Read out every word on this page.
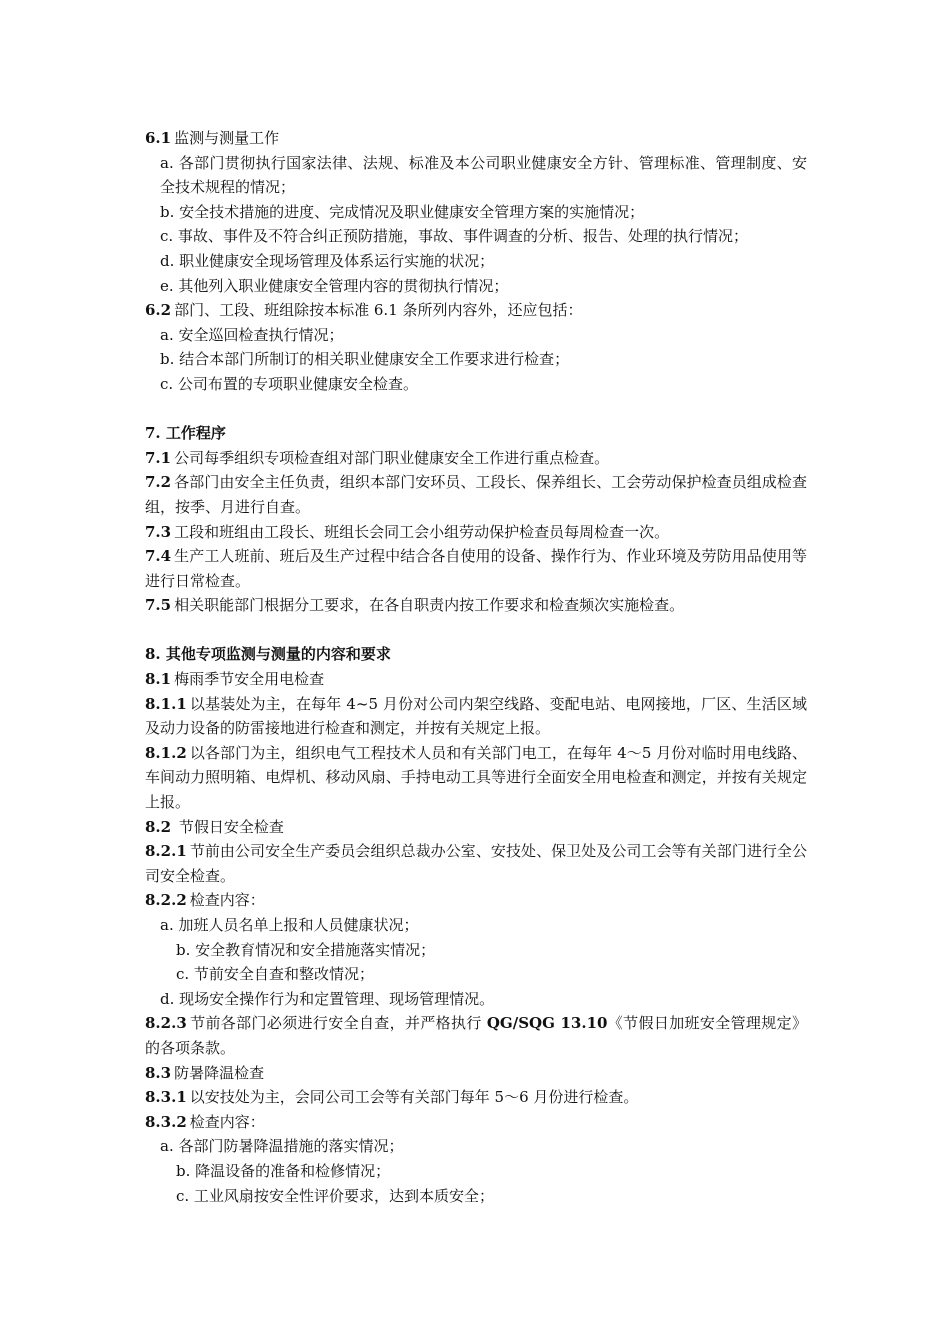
6.1 监测与测量工作

a. 各部门贯彻执行国家法律、法规、标准及本公司职业健康安全方针、管理标准、管理制度、安全技术规程的情况；

b. 安全技术措施的进度、完成情况及职业健康安全管理方案的实施情况；

c. 事故、事件及不符合纠正预防措施，事故、事件调查的分析、报告、处理的执行情况；

d. 职业健康安全现场管理及体系运行实施的状况；

e. 其他列入职业健康安全管理内容的贯彻执行情况；

6.2 部门、工段、班组除按本标准 6.1 条所列内容外，还应包括：

a. 安全巡回检查执行情况；

b. 结合本部门所制订的相关职业健康安全工作要求进行检查；

c. 公司布置的专项职业健康安全检查。

7. 工作程序

7.1 公司每季组织专项检查组对部门职业健康安全工作进行重点检查。

7.2 各部门由安全主任负责，组织本部门安环员、工段长、保养组长、工会劳动保护检查员组成检查组，按季、月进行自查。

7.3 工段和班组由工段长、班组长会同工会小组劳动保护检查员每周检查一次。

7.4 生产工人班前、班后及生产过程中结合各自使用的设备、操作行为、作业环境及劳防用品使用等进行日常检查。

7.5 相关职能部门根据分工要求，在各自职责内按工作要求和检查频次实施检查。

8. 其他专项监测与测量的内容和要求

8.1 梅雨季节安全用电检查

8.1.1 以基装处为主，在每年 4~5 月份对公司内架空线路、变配电站、电网接地，厂区、生活区域及动力设备的防雷接地进行检查和测定，并按有关规定上报。

8.1.2 以各部门为主，组织电气工程技术人员和有关部门电工，在每年 4～5 月份对临时用电线路、车间动力照明箱、电焊机、移动风扇、手持电动工具等进行全面安全用电检查和测定，并按有关规定上报。

8.2 节假日安全检查

8.2.1 节前由公司安全生产委员会组织总裁办公室、安技处、保卫处及公司工会等有关部门进行全公司安全检查。

8.2.2 检查内容：

a. 加班人员名单上报和人员健康状况；

b. 安全教育情况和安全措施落实情况；

c. 节前安全自查和整改情况；

d. 现场安全操作行为和定置管理、现场管理情况。

8.2.3 节前各部门必须进行安全自查，并严格执行 QG/SQG 13.10《节假日加班安全管理规定》的各项条款。

8.3 防暑降温检查

8.3.1 以安技处为主，会同公司工会等有关部门每年 5～6 月份进行检查。

8.3.2 检查内容：

a. 各部门防暑降温措施的落实情况；

b. 降温设备的准备和检修情况；

c. 工业风扇按安全性评价要求，达到本质安全；
